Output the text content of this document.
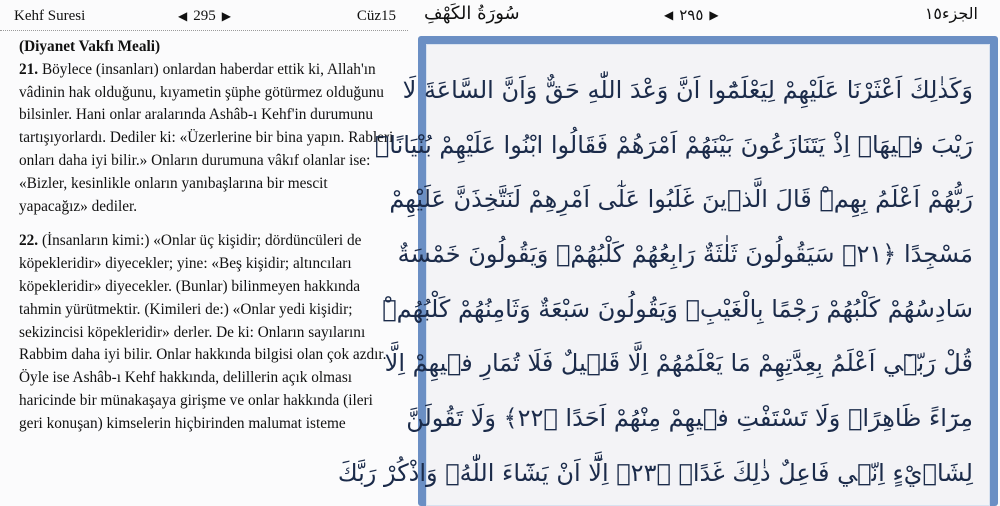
Kehf Suresi	◀ 295 ▶	Cüz15

(Diyanet Vakfı Meali)

21. Böylece (insanları) onlardan haberdar ettik ki, Allah'ın vâdinin hak olduğunu, kıyametin şüphe götürmez olduğunu bilsinler. Hani onlar aralarında Ashâb-ı Kehf'in durumunu tartışıyorlardı. Dediler ki: «Üzerlerine bir bina yapın. Rableri onları daha iyi bilir.» Onların durumuna vâkıf olanlar ise: «Bizler, kesinlikle onların yanıbaşlarına bir mescit yapacağız» dediler.

22. (İnsanların kimi:) «Onlar üç kişidir; dördüncüleri de köpekleridir» diyecekler; yine: «Beş kişidir; altıncıları köpekleridir» diyecekler. (Bunlar) bilinmeyen hakkında tahmin yürütmektir. (Kimileri de:) «Onlar yedi kişidir; sekizincisi köpekleridir» derler. De ki: Onların sayılarını Rabbim daha iyi bilir. Onlar hakkında bilgisi olan çok azdır. Öyle ise Ashâb-ı Kehf hakkında, delillerin açık olması haricinde bir münakaşaya girişme ve onlar hakkında (ileri geri konuşan) kimselerin hiçbirinden malumat isteme

سُورَةُ الكَهْفِ	◀ ٢٩٥ ▶	الجزء١٥
وَكَذٰلِكَ اَعْثَرْنَا عَلَيْهِمْ لِيَعْلَمُٓوا اَنَّ وَعْدَ اللّٰهِ حَقٌّ وَاَنَّ السَّاعَةَ لَا
رَيْبَ ف۪يهَاۚ اِذْ يَتَنَازَعُونَ بَيْنَهُمْ اَمْرَهُمْ فَقَالُوا ابْنُوا عَلَيْهِمْ بُنْيَانًاۜ
رَبُّهُمْ اَعْلَمُ بِهِمْۜ قَالَ الَّذ۪ينَ غَلَبُوا عَلٰٓى اَمْرِهِمْ لَنَتَّخِذَنَّ عَلَيْهِمْ
مَسْجِدًا ﴿٢١﴾ سَيَقُولُونَ ثَلٰثَةٌ رَابِعُهُمْ كَلْبُهُمْۚ وَيَقُولُونَ خَمْسَةٌ
سَادِسُهُمْ كَلْبُهُمْ رَجْمًا بِالْغَيْبِۚ وَيَقُولُونَ سَبْعَةٌ وَثَامِنُهُمْ كَلْبُهُمْۜ
قُلْ رَبّ۪ٓي اَعْلَمُ بِعِدَّتِهِمْ مَا يَعْلَمُهُمْ اِلَّا قَل۪يلٌ فَلَا تُمَارِ ف۪يهِمْ اِلَّا
مِرَٓاءً ظَاهِرًاۖ وَلَا تَسْتَفْتِ ف۪يهِمْ مِنْهُمْ اَحَدًا ﴿٢٢﴾ وَلَا تَقُولَنَّ
لِشَا۟يْءٍ اِنّ۪ي فَاعِلٌ ذٰلِكَ غَدًاۙ ﴿٢٣﴾ اِلَّٓا اَنْ يَشَٓاءَ اللّٰهُۘ وَاذْكُرْ رَبَّكَ
